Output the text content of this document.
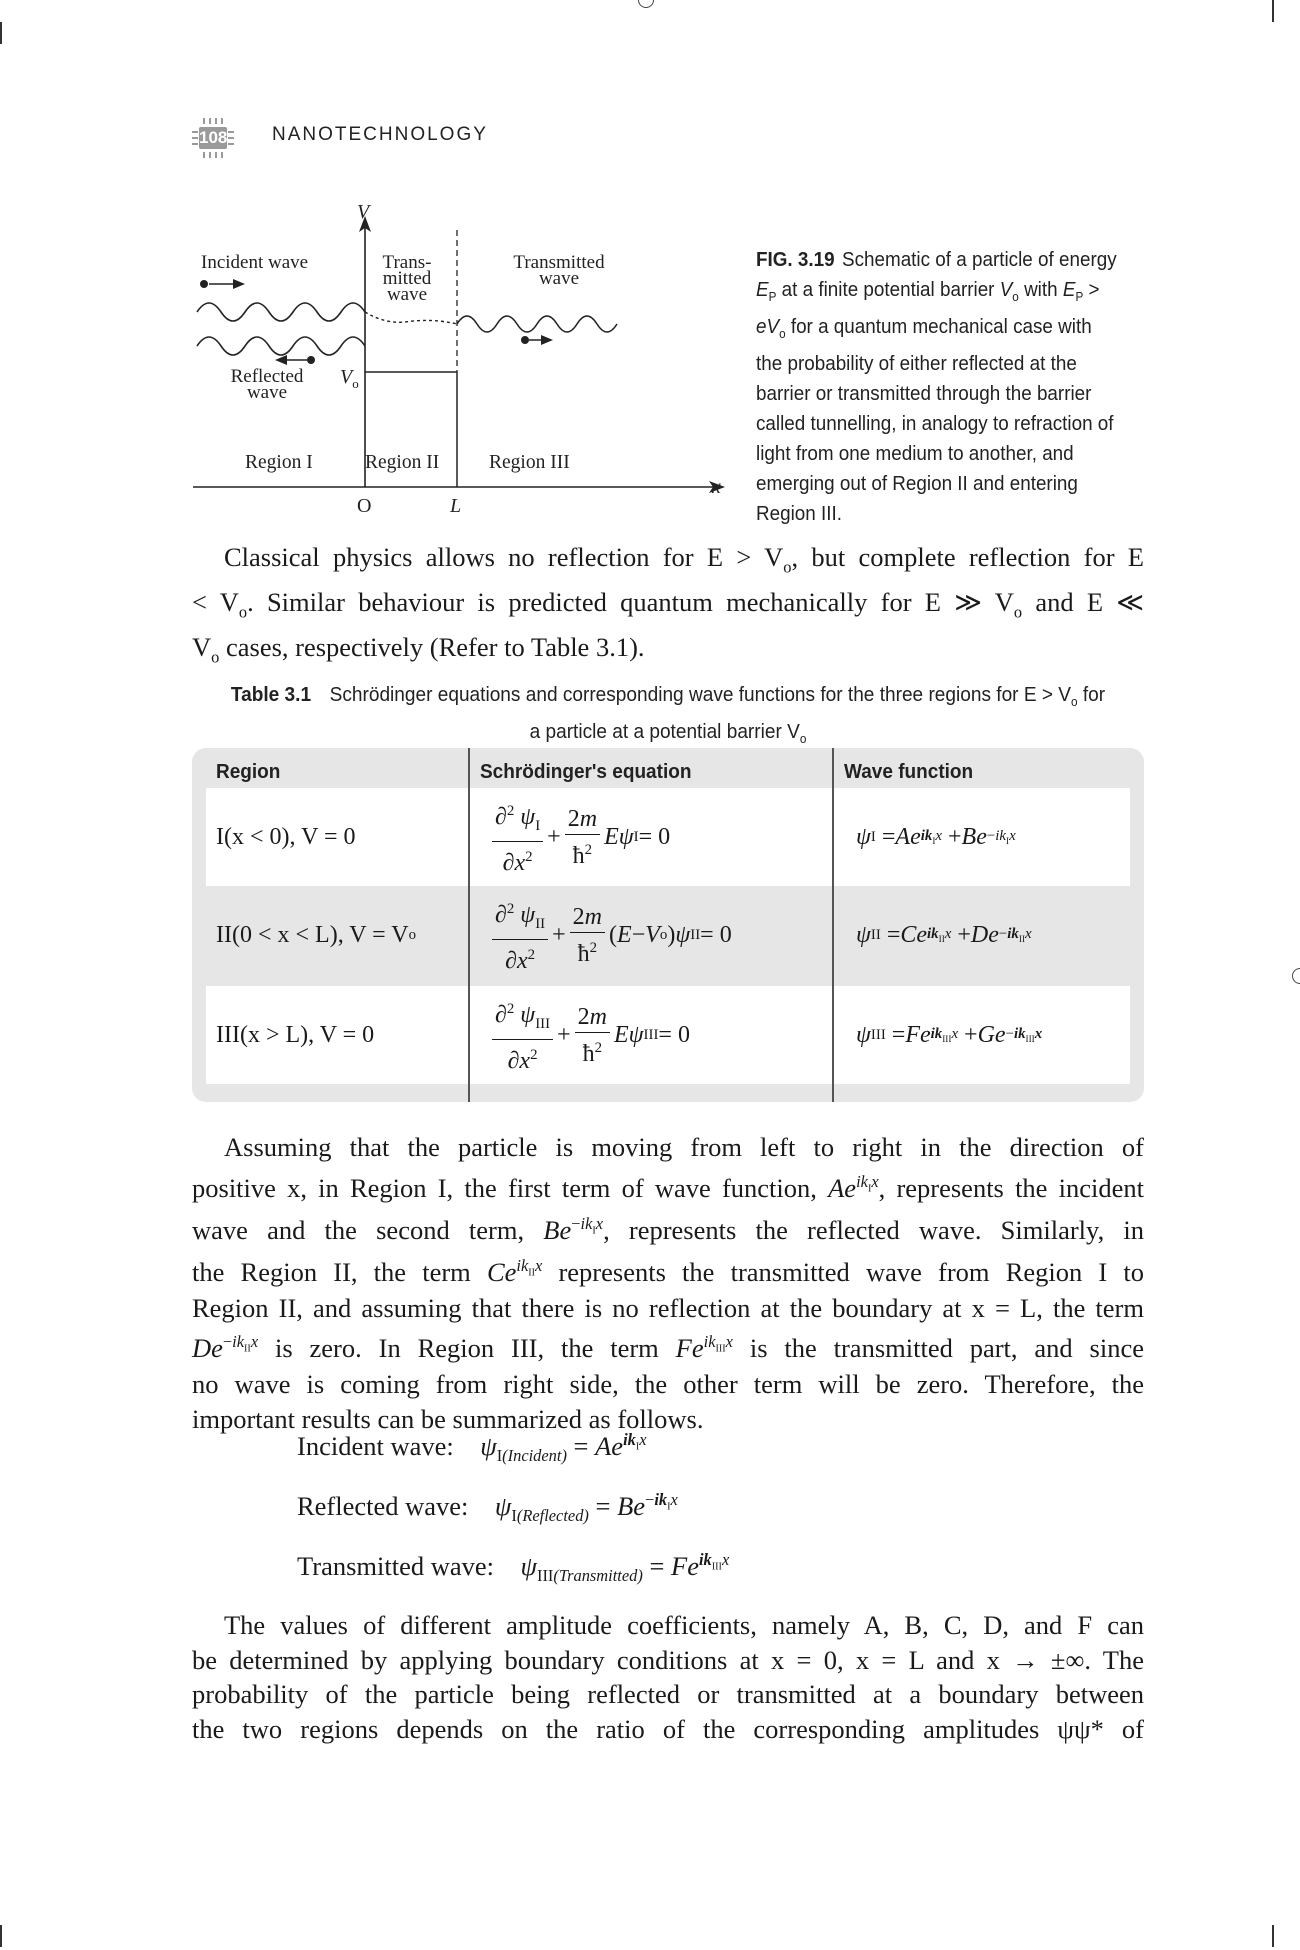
108 NANOTECHNOLOGY
V
x
O	L
$V_o$
Incident wave
Reflected wave
Trans-mitted wave
Transmitted wave
Region I	Region II	Region III
FIG. 3.19 Schematic of a particle of energy $E_P$ at a finite potential barrier $V_o$ with $E_P > eV_o$ for a quantum mechanical case with the probability of either reflected at the barrier or transmitted through the barrier called tunnelling, in analogy to refraction of light from one medium to another, and emerging out of Region II and entering Region III.
Classical physics allows no reflection for $E > V_o$, but complete reflection for E
< $V_o$. Similar behaviour is predicted quantum mechanically for E ≫ $V_o$ and E ≪
$V_o$ cases, respectively (Refer to Table 3.1).
Table 3.1 Schrödinger equations and corresponding wave functions for the three regions for $E > V_o$ for
a particle at a potential barrier $V_o$
Region	Schrödinger's equation	Wave function
I(x < 0), V = 0	$\frac{\partial^2 \psi_I}{\partial x^2} + \frac{2m}{ħ^2}$ E ψ I = 0	ψ I = Ae $ik_Ix + Be -ik_Ix$
II(0 < x < L), V = V o	$\frac{\partial^2 \psi_{II}}{\partial x^2} + \frac{2m}{ħ^2}$ ( E − V o ) ψ II = 0	ψ II = Ce $ik_{II}x + De -ik_{II}x$
III(x > L), V = 0	$\frac{\partial^2 \psi_{III}}{\partial x^2} + \frac{2m}{ħ^2}$ E ψ III = 0	ψ III = Fe $ik_{III}x + Ge -ik_{III}x$
Assuming that the particle is moving from left to right in the direction of
positive x, in Region I, the first term of wave function, $Ae^{ik_Ix}$, represents the incident
wave and the second term, $Be^{-ik_Ix}$, represents the reflected wave. Similarly, in
the Region II, the term $Ce^{ik_{II}x}$ represents the transmitted wave from Region I to
Region II, and assuming that there is no reflection at the boundary at x = L, the term
$De^{-ik_{II}x}$ is zero. In Region III, the term $Fe^{ik_{III}x}$ is the transmitted part, and since
no wave is coming from right side, the other term will be zero. Therefore, the
important results can be summarized as follows.
Incident wave: $\psi_{I(Incident)} = Ae^{ik_Ix}$
Reflected wave: $\psi_{I(Reflected)} = Be^{-ik_Ix}$
Transmitted wave: $\psi_{III(Transmitted)} = Fe^{ik_{III}x}$
The values of different amplitude coefficients, namely A, B, C, D, and F can
be determined by applying boundary conditions at x = 0, x = L and x → ±∞. The
probability of the particle being reflected or transmitted at a boundary between
the two regions depends on the ratio of the corresponding amplitudes ψψ* of
